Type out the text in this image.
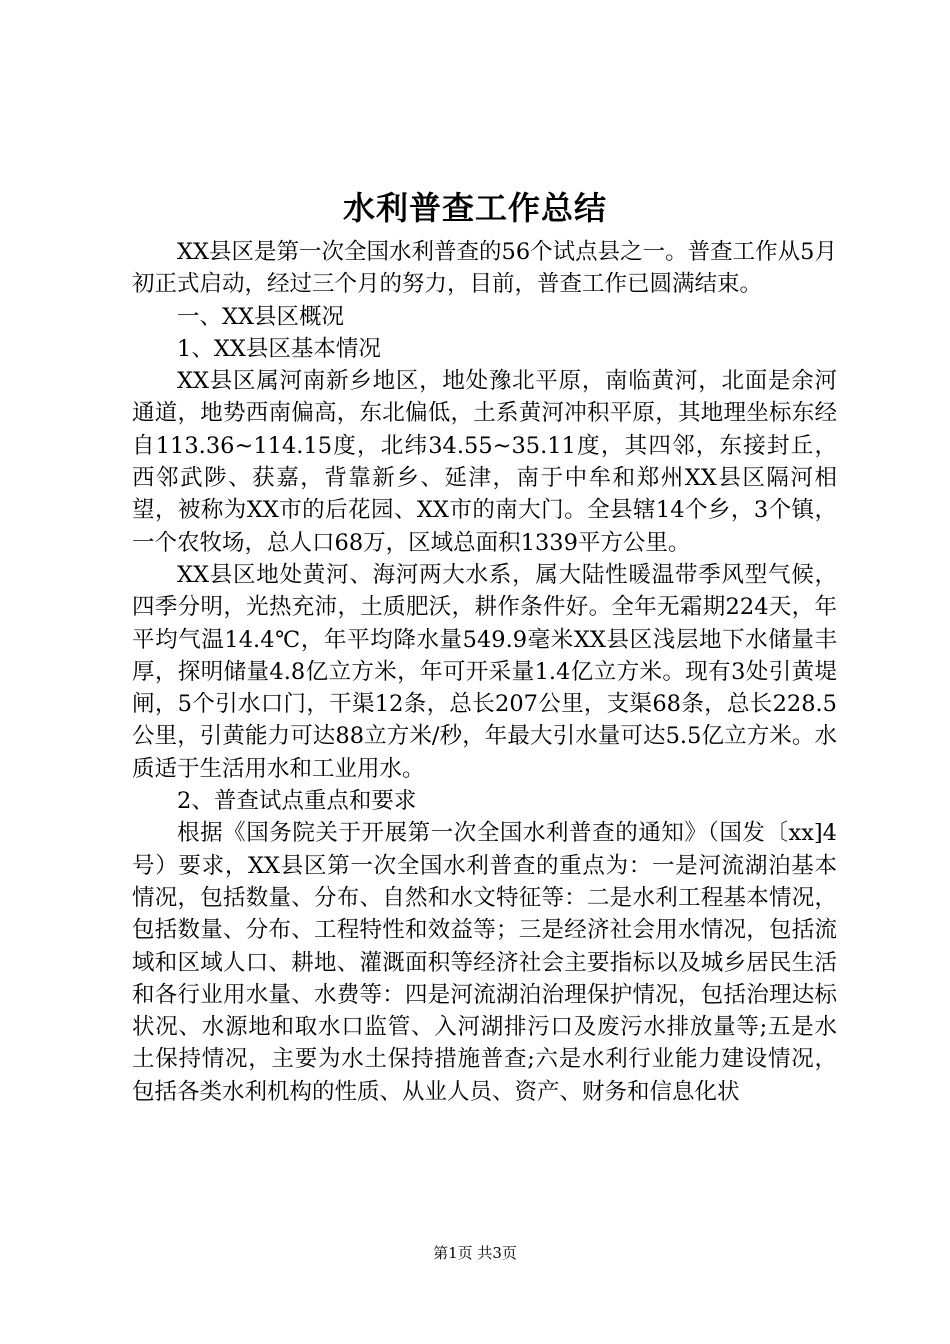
水利普查工作总结

XX县区是第一次全国水利普查的56个试点县之一。普查工作从5月初正式启动，经过三个月的努力，目前，普查工作已圆满结束。

一、XX县区概况

1、XX县区基本情况

XX县区属河南新乡地区，地处豫北平原，南临黄河，北面是余河通道，地势西南偏高，东北偏低，土系黄河冲积平原，其地理坐标东经自113.36~114.15度，北纬34.55~35.11度，其四邻，东接封丘，西邻武陟、获嘉，背靠新乡、延津，南于中牟和郑州XX县区隔河相望，被称为XX市的后花园、XX市的南大门。全县辖14个乡，3个镇，一个农牧场，总人口68万，区域总面积1339平方公里。

XX县区地处黄河、海河两大水系，属大陆性暖温带季风型气候，四季分明，光热充沛，土质肥沃，耕作条件好。全年无霜期224天，年平均气温14.4℃，年平均降水量549.9毫米XX县区浅层地下水储量丰厚，探明储量4.8亿立方米，年可开采量1.4亿立方米。现有3处引黄堤闸，5个引水口门，干渠12条，总长207公里，支渠68条，总长228.5公里，引黄能力可达88立方米/秒，年最大引水量可达5.5亿立方米。水质适于生活用水和工业用水。

2、普查试点重点和要求

根据《国务院关于开展第一次全国水利普查的通知》（国发〔xx]4号）要求，XX县区第一次全国水利普查的重点为：一是河流湖泊基本情况，包括数量、分布、自然和水文特征等：二是水利工程基本情况，包括数量、分布、工程特性和效益等；三是经济社会用水情况，包括流域和区域人口、耕地、灌溉面积等经济社会主要指标以及城乡居民生活和各行业用水量、水费等：四是河流湖泊治理保护情况，包括治理达标状况、水源地和取水口监管、入河湖排污口及废污水排放量等;五是水土保持情况，主要为水土保持措施普查;六是水利行业能力建设情况，包括各类水利机构的性质、从业人员、资产、财务和信息化状

第1页 共3页
